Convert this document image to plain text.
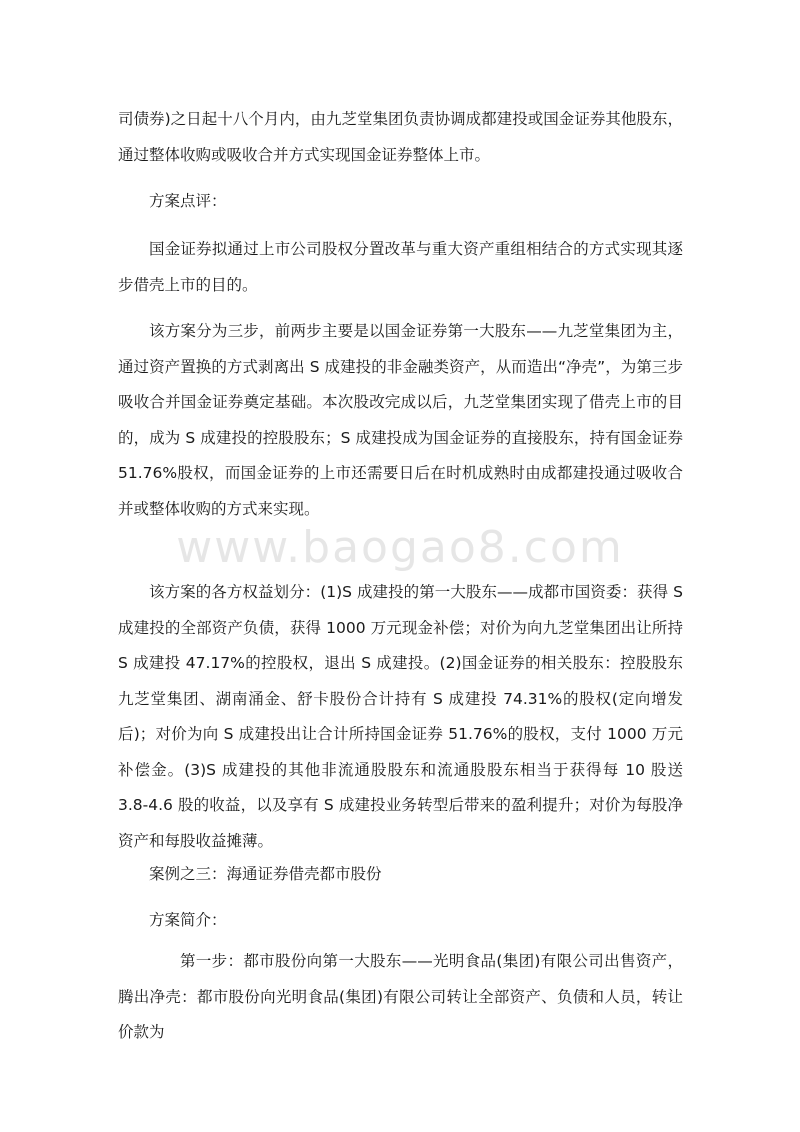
www.baogao8.com

司债券)之日起十八个月内，由九芝堂集团负责协调成都建投或国金证券其他股东，通过整体收购或吸收合并方式实现国金证券整体上市。

方案点评：

国金证券拟通过上市公司股权分置改革与重大资产重组相结合的方式实现其逐步借壳上市的目的。

该方案分为三步，前两步主要是以国金证券第一大股东——九芝堂集团为主，通过资产置换的方式剥离出 S 成建投的非金融类资产，从而造出“净壳”，为第三步吸收合并国金证券奠定基础。本次股改完成以后，九芝堂集团实现了借壳上市的目的，成为 S 成建投的控股股东；S 成建投成为国金证券的直接股东，持有国金证券 51.76%股权，而国金证券的上市还需要日后在时机成熟时由成都建投通过吸收合并或整体收购的方式来实现。

该方案的各方权益划分：(1)S 成建投的第一大股东——成都市国资委：获得 S 成建投的全部资产负债，获得 1000 万元现金补偿；对价为向九芝堂集团出让所持 S 成建投 47.17%的控股权，退出 S 成建投。(2)国金证券的相关股东：控股股东九芝堂集团、湖南涌金、舒卡股份合计持有 S 成建投 74.31%的股权(定向增发后)；对价为向 S 成建投出让合计所持国金证券 51.76%的股权，支付 1000 万元补偿金。(3)S 成建投的其他非流通股股东和流通股股东相当于获得每 10 股送 3.8-4.6 股的收益，以及享有 S 成建投业务转型后带来的盈利提升；对价为每股净资产和每股收益摊薄。

案例之三：海通证券借壳都市股份

方案简介：

第一步：都市股份向第一大股东——光明食品(集团)有限公司出售资产，腾出净壳：都市股份向光明食品(集团)有限公司转让全部资产、负债和人员，转让价款为
